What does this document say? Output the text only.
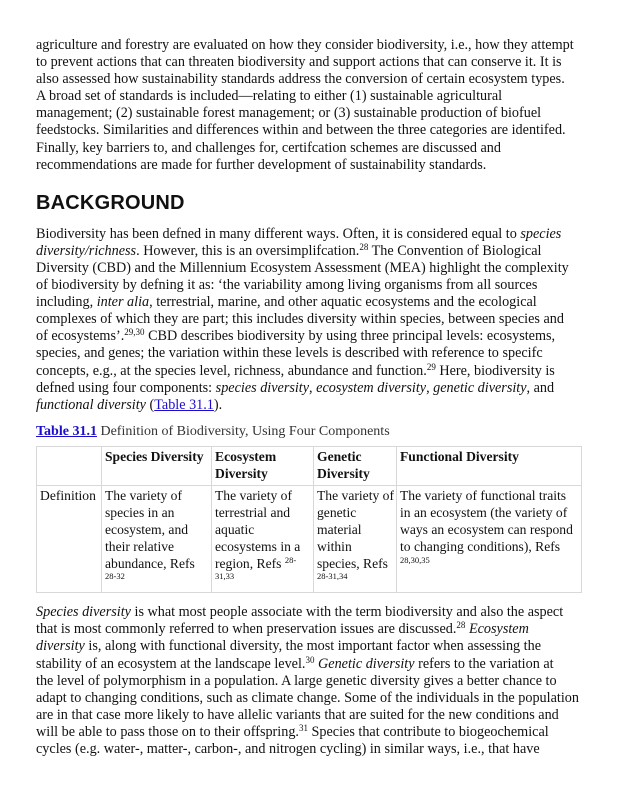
agriculture and forestry are evaluated on how they consider biodiversity, i.e., how they attempt
to prevent actions that can threaten biodiversity and support actions that can conserve it. It is
also assessed how sustainability standards address the conversion of certain ecosystem types.
A broad set of standards is included—relating to either (1) sustainable agricultural
management; (2) sustainable forest management; or (3) sustainable production of biofuel
feedstocks. Similarities and differences within and between the three categories are identifed.
Finally, key barriers to, and challenges for, certifcation schemes are discussed and
recommendations are made for further development of sustainability standards.

BACKGROUND

Biodiversity has been defned in many different ways. Often, it is considered equal to species
diversity/richness. However, this is an oversimplifcation.$^{28}$ The Convention of Biological
Diversity (CBD) and the Millennium Ecosystem Assessment (MEA) highlight the complexity
of biodiversity by defning it as: ‘the variability among living organisms from all sources
including, inter alia, terrestrial, marine, and other aquatic ecosystems and the ecological
complexes of which they are part; this includes diversity within species, between species and
of ecosystems’.$^{29,30}$ CBD describes biodiversity by using three principal levels: ecosystems,
species, and genes; the variation within these levels is described with reference to specifc
concepts, e.g., at the species level, richness, abundance and function.$^{29}$ Here, biodiversity is
defned using four components: species diversity, ecosystem diversity, genetic diversity, and
functional diversity (Table 31.1).

Table 31.1 Definition of Biodiversity, Using Four Components

	Species Diversity	Ecosystem Diversity	Genetic Diversity	Functional Diversity
Definition	The variety of species in an ecosystem, and their relative abundance, Refs $^{28-32}$	The variety of terrestrial and aquatic ecosystems in a region, Refs $^{28-31,33}$	The variety of genetic material within species, Refs $^{28-31,34}$	The variety of functional traits in an ecosystem (the variety of ways an ecosystem can respond to changing conditions), Refs $^{28,30,35}$

Species diversity is what most people associate with the term biodiversity and also the aspect
that is most commonly referred to when preservation issues are discussed.$^{28}$ Ecosystem
diversity is, along with functional diversity, the most important factor when assessing the
stability of an ecosystem at the landscape level.$^{30}$ Genetic diversity refers to the variation at
the level of polymorphism in a population. A large genetic diversity gives a better chance to
adapt to changing conditions, such as climate change. Some of the individuals in the population
are in that case more likely to have allelic variants that are suited for the new conditions and
will be able to pass those on to their offspring.$^{31}$ Species that contribute to biogeochemical
cycles (e.g. water-, matter-, carbon-, and nitrogen cycling) in similar ways, i.e., that have
